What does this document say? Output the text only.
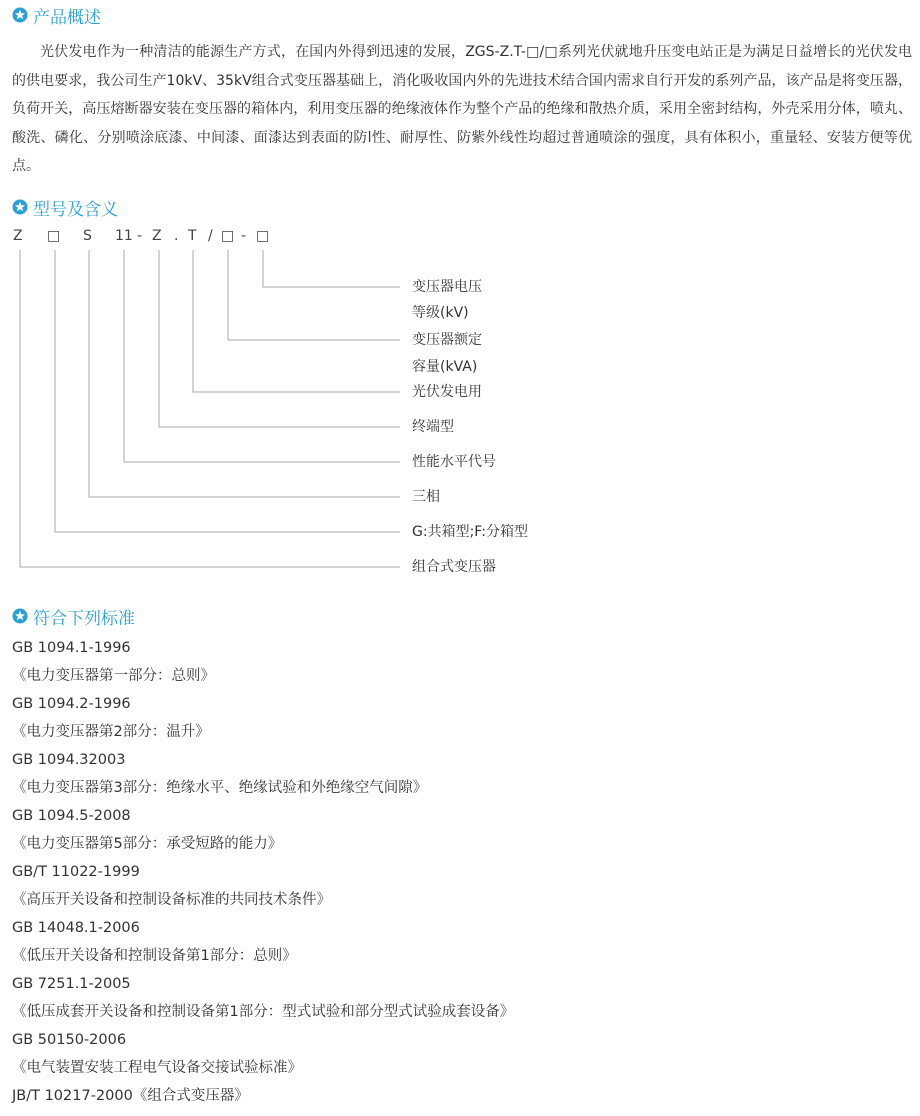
产品概述
光伏发电作为一种清洁的能源生产方式，在国内外得到迅速的发展，ZGS-Z.T-□/□系列光伏就地升压变电站正是为满足日益增长的光伏发电的供电要求，我公司生产10kV、35kV组合式变压器基础上，消化吸收国内外的先进技术结合国内需求自行开发的系列产品，该产品是将变压器，负荷开关，高压熔断器安装在变压器的箱体内，利用变压器的绝缘液体作为整个产品的绝缘和散热介质，采用全密封结构，外壳采用分体，喷丸、酸洗、磷化、分别喷涂底漆、中间漆、面漆达到表面的防l性、耐厚性、防紫外线性均超过普通喷涂的强度，具有体积小，重量轻、安装方便等优点。
型号及含义
Z □ S 11 - Z . T / □ - □
变压器电压
等级(kV)
变压器额定
容量(kVA)
光伏发电用
终端型
性能水平代号
三相
G:共箱型;F:分箱型
组合式变压器
符合下列标准
GB 1094.1-1996
《电力变压器第一部分：总则》
GB 1094.2-1996
《电力变压器第2部分：温升》
GB 1094.32003
《电力变压器第3部分：绝缘水平、绝缘试验和外绝缘空气间隙》
GB 1094.5-2008
《电力变压器第5部分：承受短路的能力》
GB/T 11022-1999
《高压开关设备和控制设备标准的共同技术条件》
GB 14048.1-2006
《低压开关设备和控制设备第1部分：总则》
GB 7251.1-2005
《低压成套开关设备和控制设备第1部分：型式试验和部分型式试验成套设备》
GB 50150-2006
《电气装置安装工程电气设备交接试验标准》
JB/T 10217-2000《组合式变压器》
